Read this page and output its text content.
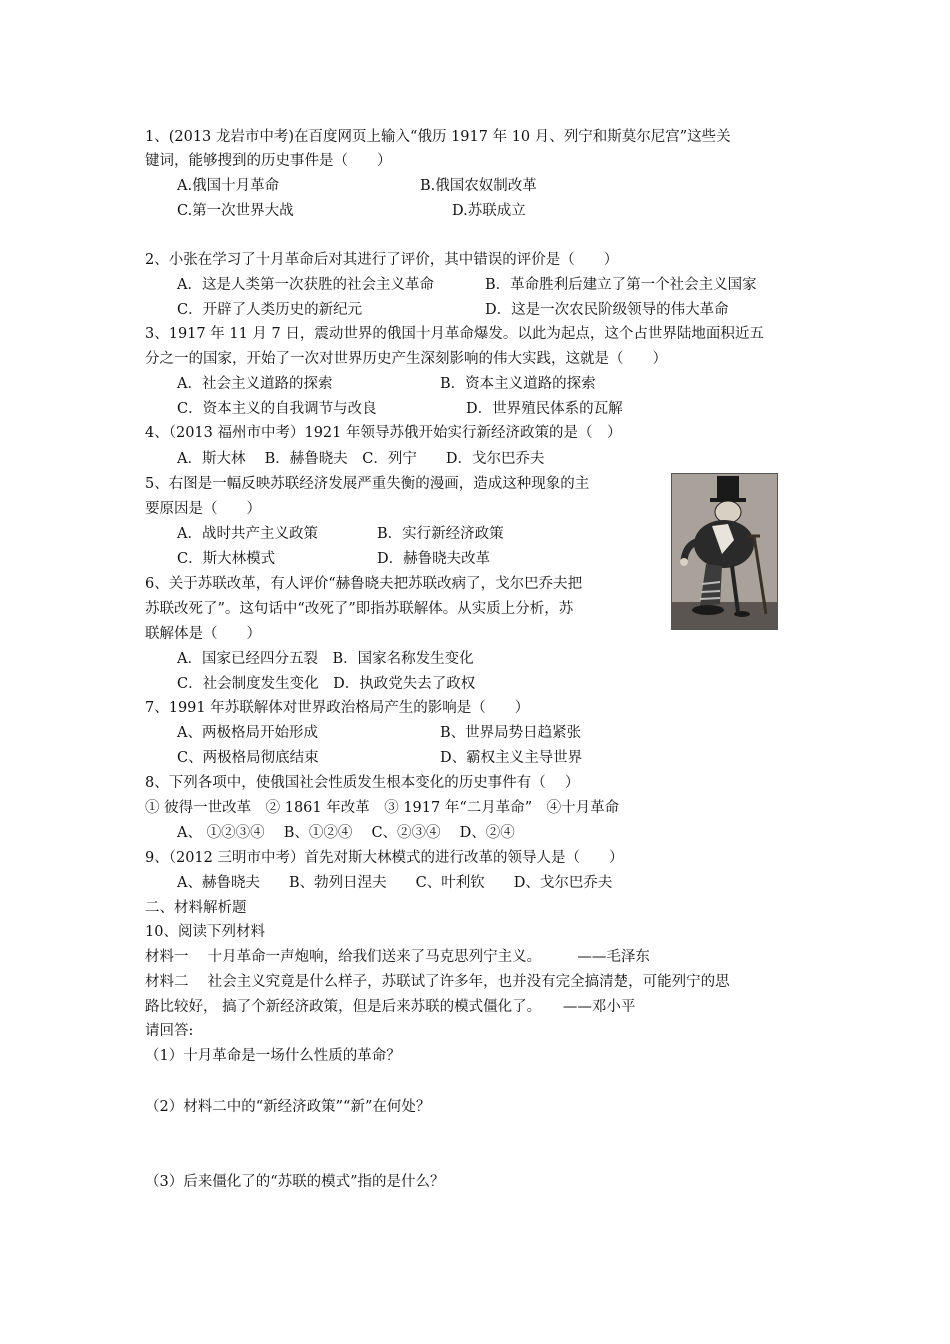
1、(2013 龙岩市中考)在百度网页上输入“俄历 1917 年 10 月、列宁和斯莫尔尼宫”这些关
键词，能够搜到的历史事件是（　　）
A.俄国十月革命	B.俄国农奴制改革
C.第一次世界大战	D.苏联成立
2、小张在学习了十月革命后对其进行了评价，其中错误的评价是（　　）
A．这是人类第一次获胜的社会主义革命	B．革命胜利后建立了第一个社会主义国家
C．开辟了人类历史的新纪元	D．这是一次农民阶级领导的伟大革命
3、1917 年 11 月 7 日，震动世界的俄国十月革命爆发。以此为起点，这个占世界陆地面积近五
分之一的国家，开始了一次对世界历史产生深刻影响的伟大实践，这就是（　　）
A．社会主义道路的探索	B．资本主义道路的探索
C．资本主义的自我调节与改良	D．世界殖民体系的瓦解
4、（2013 福州市中考）1921 年领导苏俄开始实行新经济政策的是（　）
A．斯大林　 B．赫鲁晓夫　C．列宁　　D．戈尔巴乔夫
5、右图是一幅反映苏联经济发展严重失衡的漫画，造成这种现象的主
要原因是（　　）
A．战时共产主义政策	B．实行新经济政策
C．斯大林模式	D．赫鲁晓夫改革
6、关于苏联改革，有人评价“赫鲁晓夫把苏联改病了，戈尔巴乔夫把
苏联改死了”。这句话中“改死了”即指苏联解体。从实质上分析，苏
联解体是（　　）
A．国家已经四分五裂　B．国家名称发生变化
C．社会制度发生变化　D．执政党失去了政权
7、1991 年苏联解体对世界政治格局产生的影响是（　　）
A、两极格局开始形成	B、世界局势日趋紧张
C、两极格局彻底结束	D、霸权主义主导世界
8、下列各项中，使俄国社会性质发生根本变化的历史事件有（　 ）
① 彼得一世改革　② 1861 年改革　③ 1917 年“二月革命”　④十月革命
A、 ①②③④　 B、①②④　 C、②③④　 D、②④
9、（2012 三明市中考）首先对斯大林模式的进行改革的领导人是（　　）
A、赫鲁晓夫　　B、勃列日涅夫　　C、叶利钦　　D、戈尔巴乔夫
二、材料解析题
10、阅读下列材料
材料一　 十月革命一声炮响，给我们送来了马克思列宁主义。　　　——毛泽东
材料二　 社会主义究竟是什么样子，苏联试了许多年，也并没有完全搞清楚，可能列宁的思
路比较好， 搞了个新经济政策，但是后来苏联的模式僵化了。　　——邓小平
请回答:
（1）十月革命是一场什么性质的革命？
（2）材料二中的“新经济政策”“新”在何处？
（3）后来僵化了的“苏联的模式”指的是什么？
